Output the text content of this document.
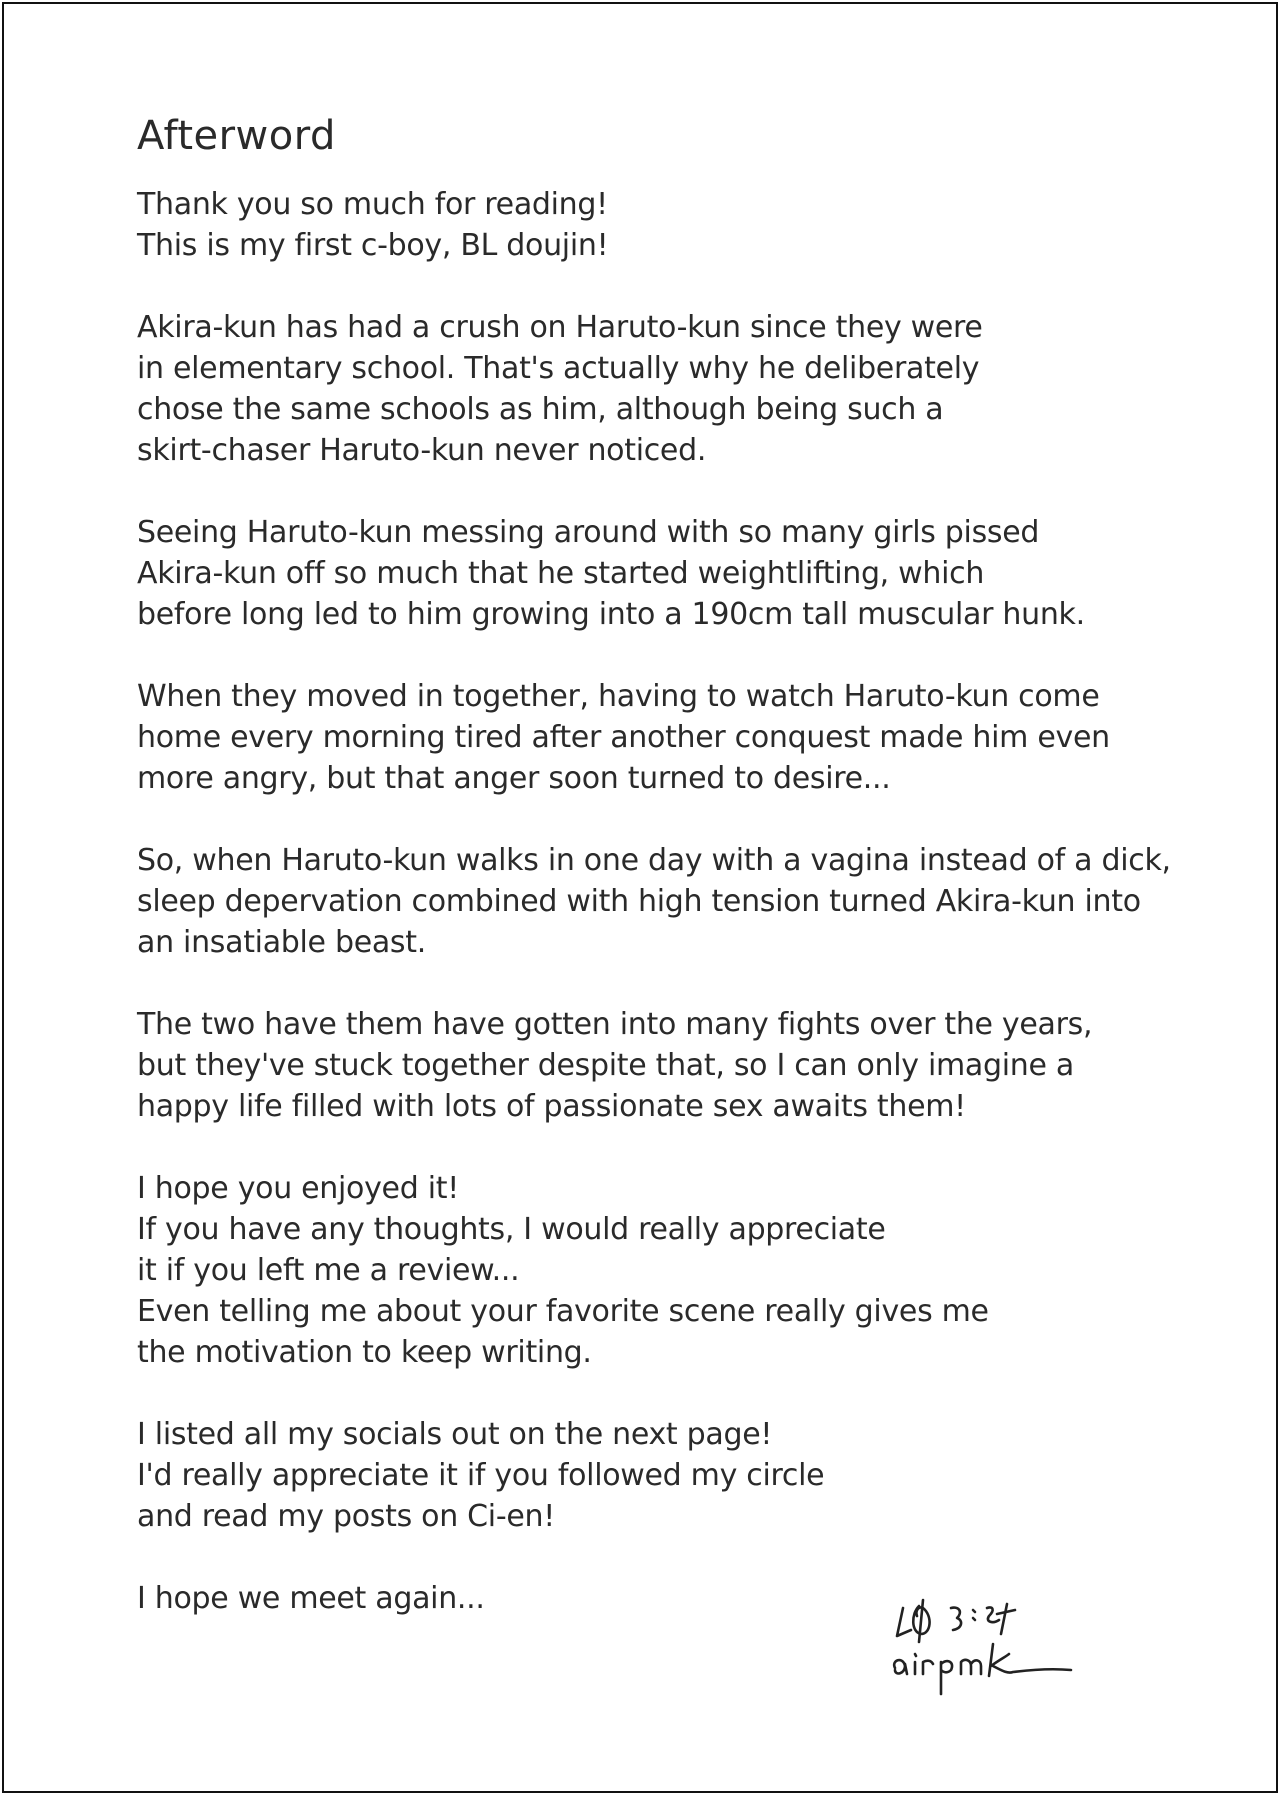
Afterword
Thank you so much for reading!
This is my first c-boy, BL doujin!
Akira-kun has had a crush on Haruto-kun since they were
in elementary school. That's actually why he deliberately
chose the same schools as him, although being such a
skirt-chaser Haruto-kun never noticed.
Seeing Haruto-kun messing around with so many girls pissed
Akira-kun off so much that he started weightlifting, which
before long led to him growing into a 190cm tall muscular hunk.
When they moved in together, having to watch Haruto-kun come
home every morning tired after another conquest made him even
more angry, but that anger soon turned to desire...
So, when Haruto-kun walks in one day with a vagina instead of a dick,
sleep depervation combined with high tension turned Akira-kun into
an insatiable beast.
The two have them have gotten into many fights over the years,
but they've stuck together despite that, so I can only imagine a
happy life filled with lots of passionate sex awaits them!
I hope you enjoyed it!
If you have any thoughts, I would really appreciate
it if you left me a review...
Even telling me about your favorite scene really gives me
the motivation to keep writing.
I listed all my socials out on the next page!
I'd really appreciate it if you followed my circle
and read my posts on Ci-en!
I hope we meet again...
